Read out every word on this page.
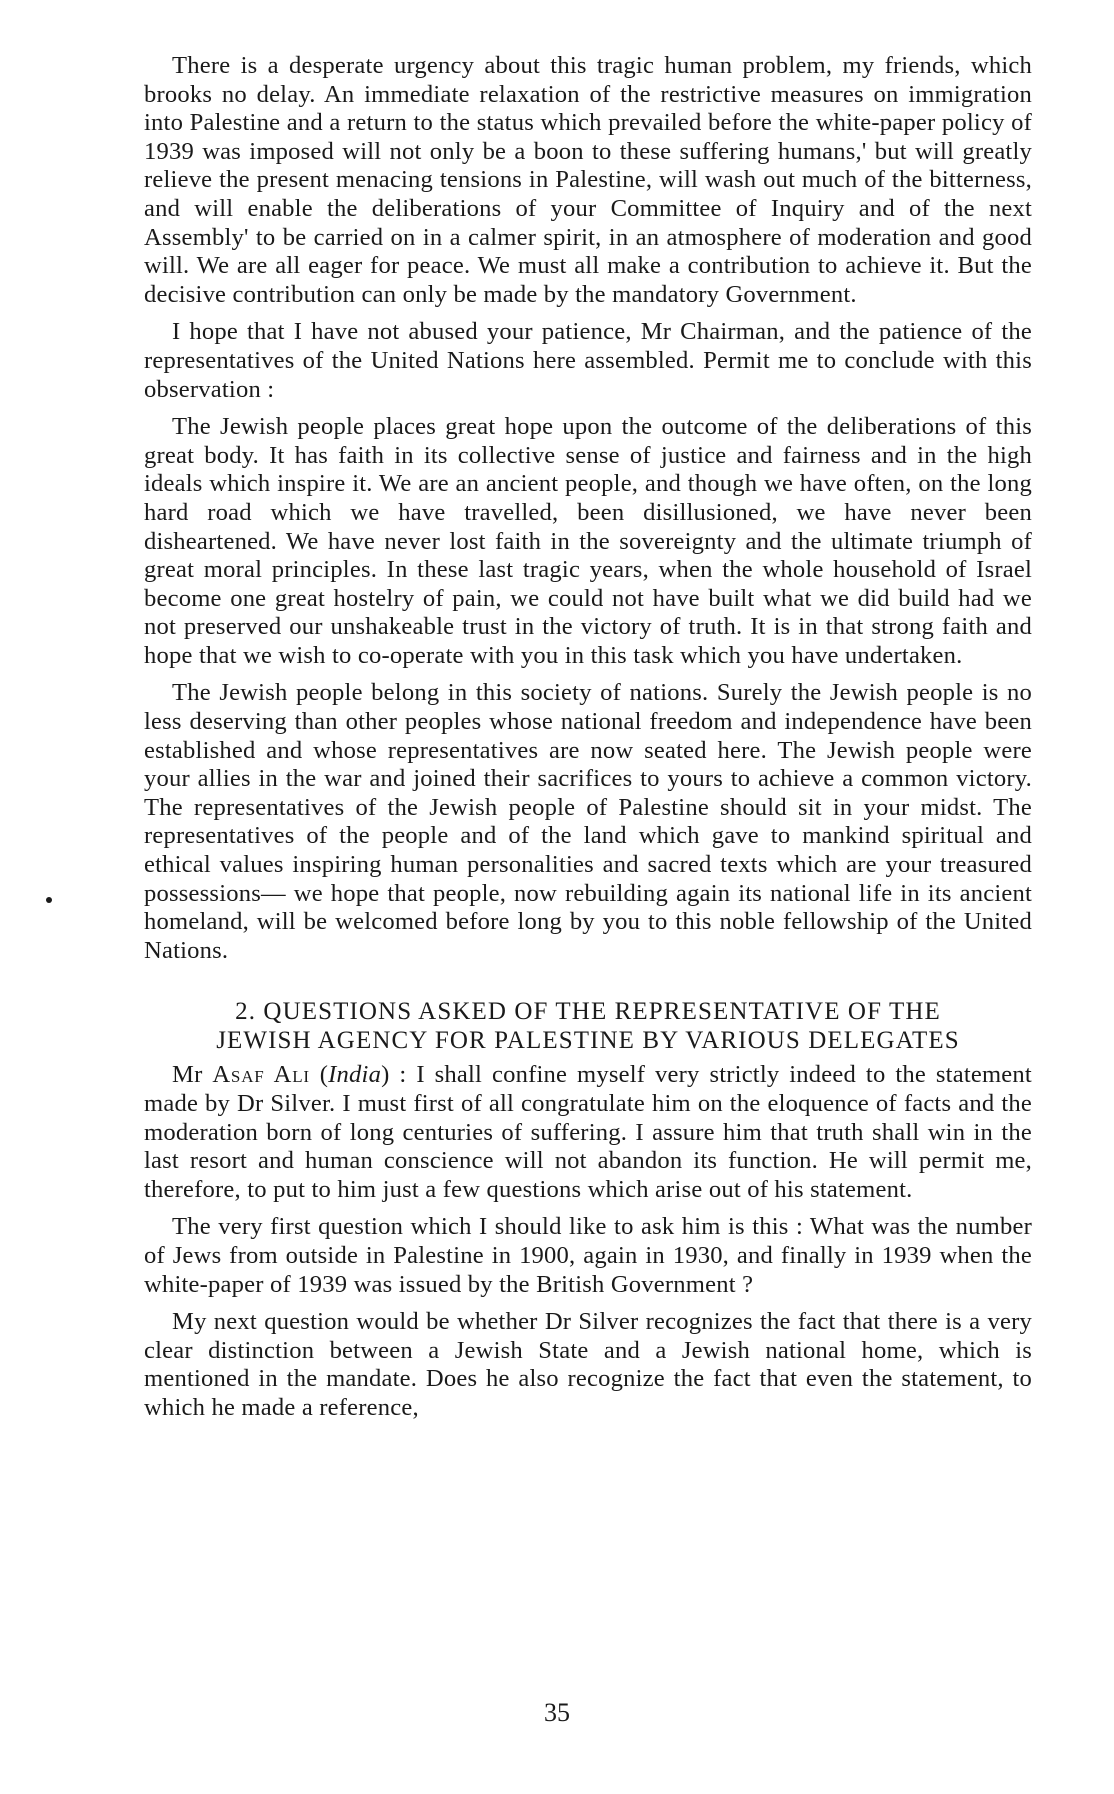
There is a desperate urgency about this tragic human problem, my friends, which brooks no delay. An immediate relaxation of the restrictive measures on immigration into Palestine and a return to the status which prevailed before the white-paper policy of 1939 was imposed will not only be a boon to these suffering humans,' but will greatly relieve the present menacing tensions in Palestine, will wash out much of the bitterness, and will enable the deliberations of your Committee of Inquiry and of the next Assembly' to be carried on in a calmer spirit, in an atmosphere of moderation and good will. We are all eager for peace. We must all make a contribution to achieve it. But the decisive contribution can only be made by the mandatory Government.

I hope that I have not abused your patience, Mr Chairman, and the patience of the representatives of the United Nations here assembled. Permit me to conclude with this observation :

The Jewish people places great hope upon the outcome of the deliberations of this great body. It has faith in its collective sense of justice and fairness and in the high ideals which inspire it. We are an ancient people, and though we have often, on the long hard road which we have travelled, been disillusioned, we have never been disheartened. We have never lost faith in the sovereignty and the ultimate triumph of great moral principles. In these last tragic years, when the whole household of Israel become one great hostelry of pain, we could not have built what we did build had we not preserved our unshakeable trust in the victory of truth. It is in that strong faith and hope that we wish to co-operate with you in this task which you have undertaken.

The Jewish people belong in this society of nations. Surely the Jewish people is no less deserving than other peoples whose national freedom and independence have been established and whose representatives are now seated here. The Jewish people were your allies in the war and joined their sacrifices to yours to achieve a common victory. The representatives of the Jewish people of Palestine should sit in your midst. The representatives of the people and of the land which gave to mankind spiritual and ethical values inspiring human personalities and sacred texts which are your treasured possessions— we hope that people, now rebuilding again its national life in its ancient homeland, will be welcomed before long by you to this noble fellowship of the United Nations.

2. QUESTIONS ASKED OF THE REPRESENTATIVE OF THE
JEWISH AGENCY FOR PALESTINE BY VARIOUS DELEGATES

Mr Asaf Ali (India) : I shall confine myself very strictly indeed to the statement made by Dr Silver. I must first of all congratulate him on the eloquence of facts and the moderation born of long centuries of suffering. I assure him that truth shall win in the last resort and human conscience will not abandon its function. He will permit me, therefore, to put to him just a few questions which arise out of his statement.

The very first question which I should like to ask him is this : What was the number of Jews from outside in Palestine in 1900, again in 1930, and finally in 1939 when the white-paper of 1939 was issued by the British Government ?

My next question would be whether Dr Silver recognizes the fact that there is a very clear distinction between a Jewish State and a Jewish national home, which is mentioned in the mandate. Does he also recognize the fact that even the statement, to which he made a reference,

35
